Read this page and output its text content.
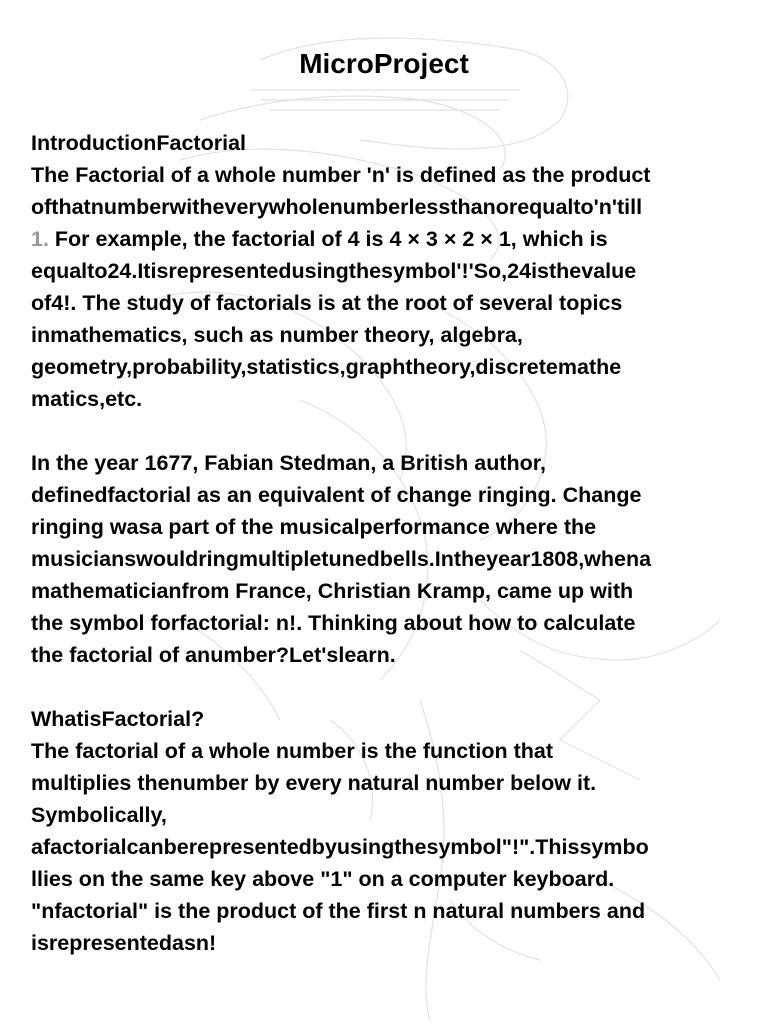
MicroProject
IntroductionFactorial
The Factorial of a whole number 'n' is defined as the product
ofthatnumberwitheverywholenumberlessthanorequalto'n'till
1. For example, the factorial of 4 is 4 × 3 × 2 × 1, which is
equalto24.Itisrepresentedusingthesymbol'!'So,24isthevalue
of4!. The study of factorials is at the root of several topics
inmathematics, such as number theory, algebra,
geometry,probability,statistics,graphtheory,discretemathe
matics,etc.
In the year 1677, Fabian Stedman, a British author,
definedfactorial as an equivalent of change ringing. Change
ringing wasa part of the musicalperformance where the
musicianswouldringmultipletunedbells.Intheyear1808,whena
mathematicianfrom France, Christian Kramp, came up with
the symbol forfactorial: n!. Thinking about how to calculate
the factorial of anumber?Let'slearn.
WhatisFactorial?
The factorial of a whole number is the function that
multiplies thenumber by every natural number below it.
Symbolically,
afactorialcanberepresentedbyusingthesymbol"!".Thissymbo
llies on the same key above "1" on a computer keyboard.
"nfactorial" is the product of the first n natural numbers and
isrepresentedasn!
